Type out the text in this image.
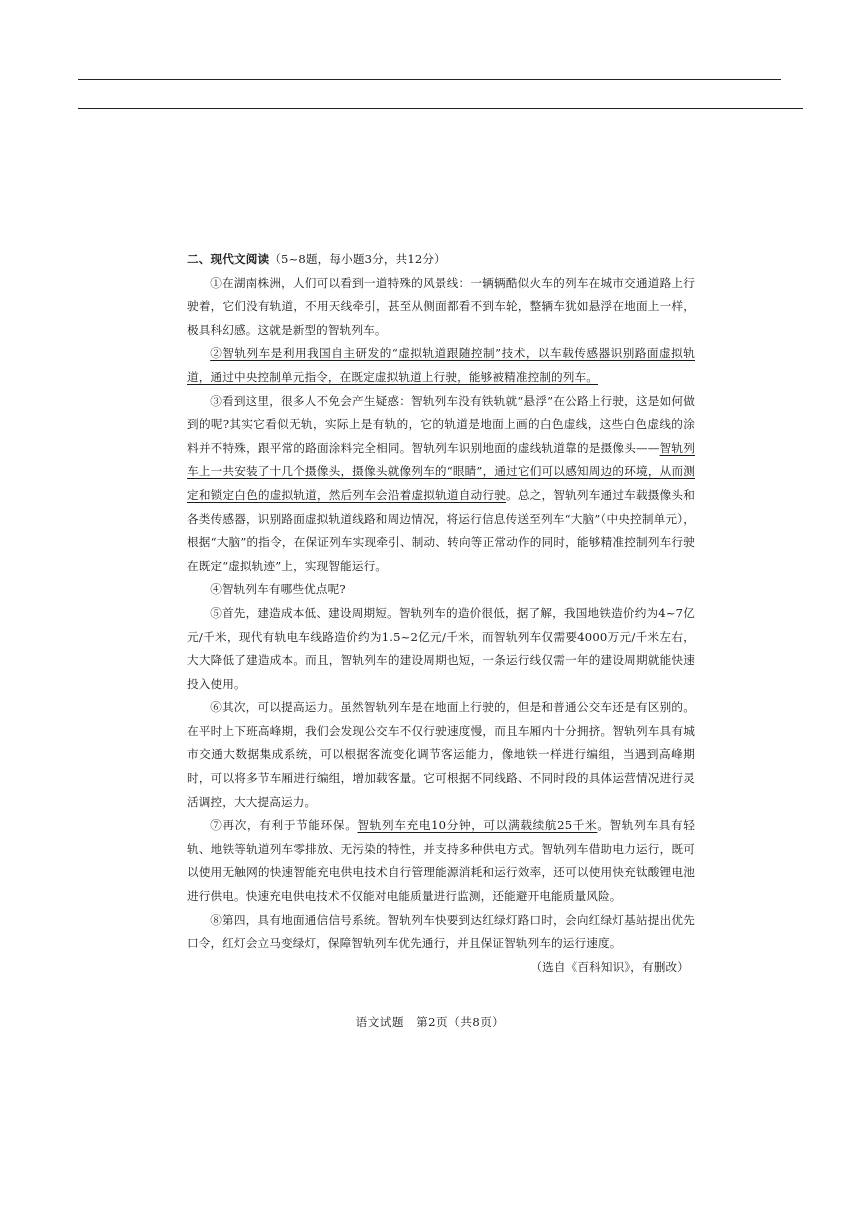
二、现代文阅读（5~8题，每小题3分，共12分）

①在湖南株洲，人们可以看到一道特殊的风景线：一辆辆酷似火车的列车在城市交通道路上行驶着，它们没有轨道，不用天线牵引，甚至从侧面都看不到车轮，整辆车犹如悬浮在地面上一样，极具科幻感。这就是新型的智轨列车。

②智轨列车是利用我国自主研发的“虚拟轨道跟随控制”技术，以车载传感器识别路面虚拟轨道，通过中央控制单元指令，在既定虚拟轨道上行驶，能够被精准控制的列车。

③看到这里，很多人不免会产生疑惑：智轨列车没有铁轨就“悬浮”在公路上行驶，这是如何做到的呢?其实它看似无轨，实际上是有轨的，它的轨道是地面上画的白色虚线，这些白色虚线的涂料并不特殊，跟平常的路面涂料完全相同。智轨列车识别地面的虚线轨道靠的是摄像头——智轨列车上一共安装了十几个摄像头，摄像头就像列车的“眼睛”，通过它们可以感知周边的环境，从而测定和锁定白色的虚拟轨道，然后列车会沿着虚拟轨道自动行驶。总之，智轨列车通过车载摄像头和各类传感器，识别路面虚拟轨道线路和周边情况，将运行信息传送至列车“大脑”（中央控制单元），根据“大脑”的指令，在保证列车实现牵引、制动、转向等正常动作的同时，能够精准控制列车行驶在既定“虚拟轨迹”上，实现智能运行。

④智轨列车有哪些优点呢?

⑤首先，建造成本低、建设周期短。智轨列车的造价很低，据了解，我国地铁造价约为4~7亿元/千米，现代有轨电车线路造价约为1.5~2亿元/千米，而智轨列车仅需要4000万元/千米左右，大大降低了建造成本。而且，智轨列车的建设周期也短，一条运行线仅需一年的建设周期就能快速投入使用。

⑥其次，可以提高运力。虽然智轨列车是在地面上行驶的，但是和普通公交车还是有区别的。在平时上下班高峰期，我们会发现公交车不仅行驶速度慢，而且车厢内十分拥挤。智轨列车具有城市交通大数据集成系统，可以根据客流变化调节客运能力，像地铁一样进行编组，当遇到高峰期时，可以将多节车厢进行编组，增加载客量。它可根据不同线路、不同时段的具体运营情况进行灵活调控，大大提高运力。

⑦再次，有利于节能环保。智轨列车充电10分钟，可以满载续航25千米。智轨列车具有轻轨、地铁等轨道列车零排放、无污染的特性，并支持多种供电方式。智轨列车借助电力运行，既可以使用无触网的快速智能充电供电技术自行管理能源消耗和运行效率，还可以使用快充钛酸锂电池进行供电。快速充电供电技术不仅能对电能质量进行监测，还能避开电能质量风险。

⑧第四，具有地面通信信号系统。智轨列车快要到达红绿灯路口时，会向红绿灯基站提出优先口令，红灯会立马变绿灯，保障智轨列车优先通行，并且保证智轨列车的运行速度。

（选自《百科知识》，有删改）

语文试题　第2页（共8页）
